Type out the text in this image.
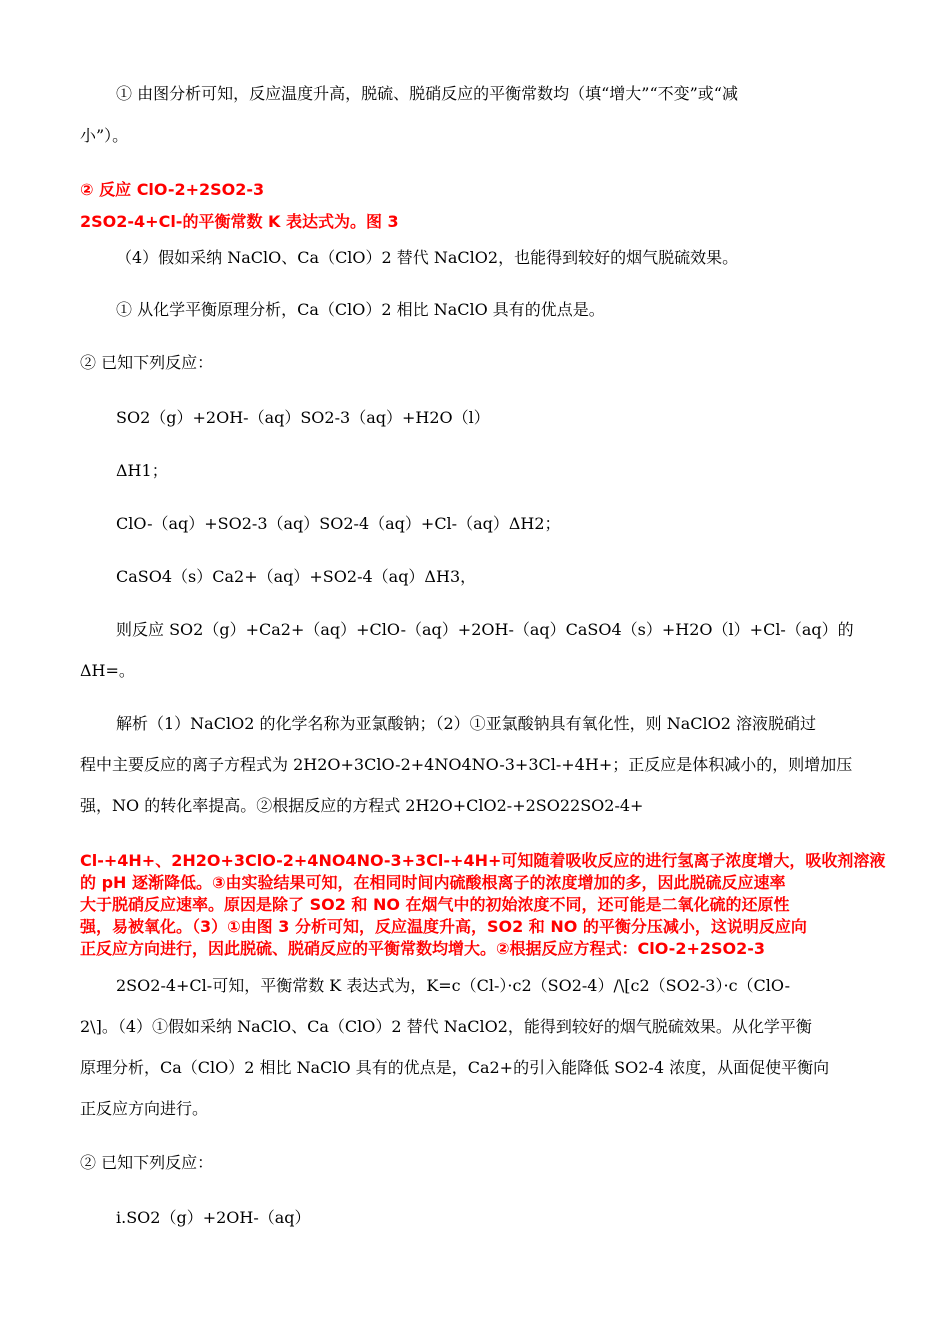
① 由图分析可知，反应温度升高，脱硫、脱硝反应的平衡常数均（填“增大”“不变”或“减
小”）。
② 反应 ClO-2+2SO2-3
2SO2-4+Cl-的平衡常数 K 表达式为。图 3
（4）假如采纳 NaClO、Ca（ClO）2 替代 NaClO2，也能得到较好的烟气脱硫效果。
① 从化学平衡原理分析，Ca（ClO）2 相比 NaClO 具有的优点是。
② 已知下列反应：
SO2（g）+2OH-（aq）SO2-3（aq）+H2O（l）
ΔH1；
ClO-（aq）+SO2-3（aq）SO2-4（aq）+Cl-（aq）ΔH2；
CaSO4（s）Ca2+（aq）+SO2-4（aq）ΔH3，
则反应 SO2（g）+Ca2+（aq）+ClO-（aq）+2OH-（aq）CaSO4（s）+H2O（l）+Cl-（aq）的
ΔH=。
解析（1）NaClO2 的化学名称为亚氯酸钠；（2）①亚氯酸钠具有氧化性，则 NaClO2 溶液脱硝过
程中主要反应的离子方程式为 2H2O+3ClO-2+4NO4NO-3+3Cl-+4H+；正反应是体积减小的，则增加压
强，NO 的转化率提高。②根据反应的方程式 2H2O+ClO2-+2SO22SO2-4+
Cl-+4H+、2H2O+3ClO-2+4NO4NO-3+3Cl-+4H+可知随着吸收反应的进行氢离子浓度增大，吸收剂溶液
的 pH 逐渐降低。③由实验结果可知，在相同时间内硫酸根离子的浓度增加的多，因此脱硫反应速率
大于脱硝反应速率。原因是除了 SO2 和 NO 在烟气中的初始浓度不同，还可能是二氧化硫的还原性
强，易被氧化。（3）①由图 3 分析可知，反应温度升高，SO2 和 NO 的平衡分压减小，这说明反应向
正反应方向进行，因此脱硫、脱硝反应的平衡常数均增大。②根据反应方程式：ClO-2+2SO2-3
2SO2-4+Cl-可知，平衡常数 K 表达式为，K=c（Cl-）·c2（SO2-4）/\[c2（SO2-3）·c（ClO-
2\]。（4）①假如采纳 NaClO、Ca（ClO）2 替代 NaClO2，能得到较好的烟气脱硫效果。从化学平衡
原理分析，Ca（ClO）2 相比 NaClO 具有的优点是，Ca2+的引入能降低 SO2-4 浓度，从面促使平衡向
正反应方向进行。
② 已知下列反应：
ⅰ.SO2（g）+2OH-（aq）
